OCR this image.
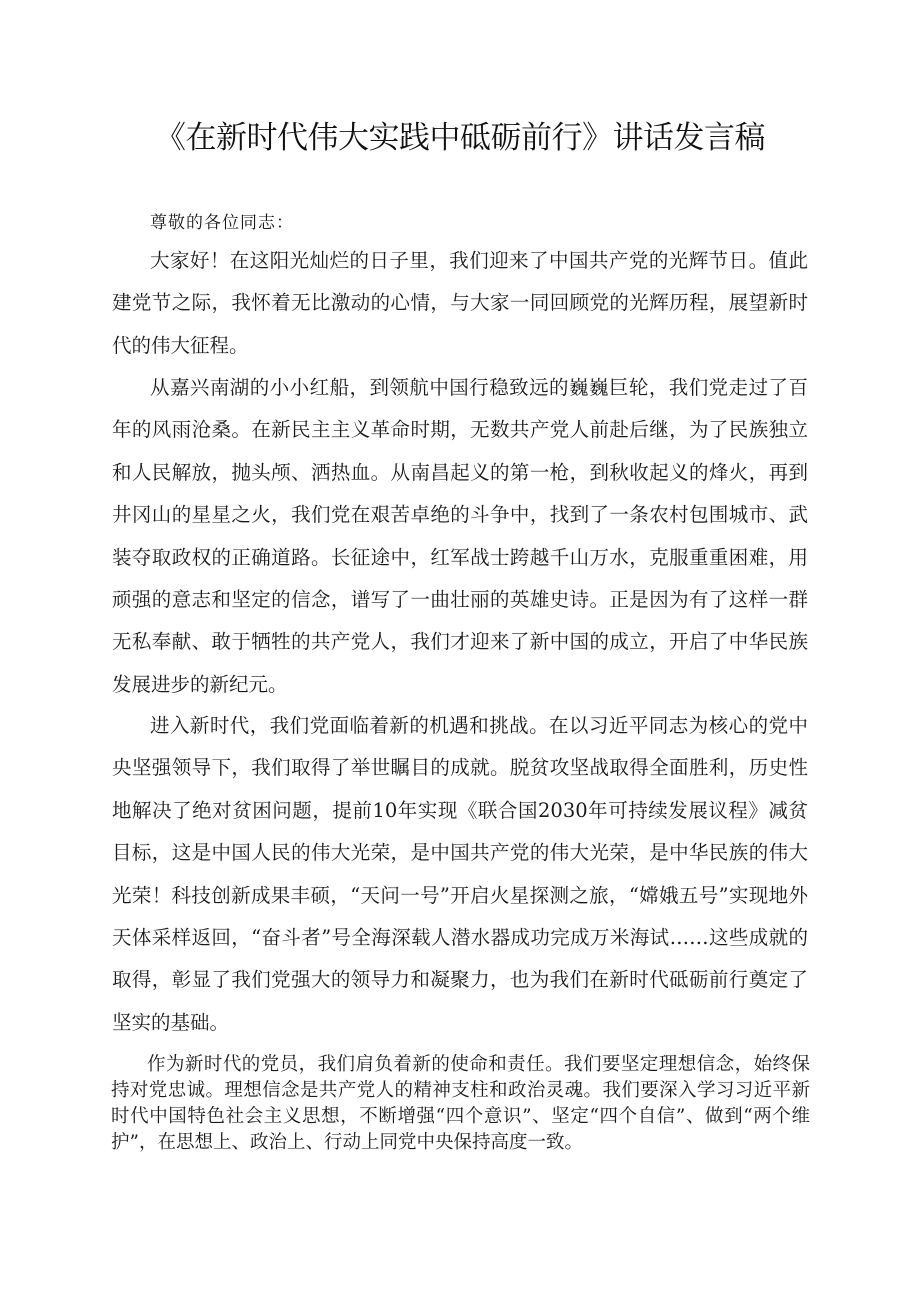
《在新时代伟大实践中砥砺前行》讲话发言稿

尊敬的各位同志：

大家好！在这阳光灿烂的日子里，我们迎来了中国共产党的光辉节日。值此建党节之际，我怀着无比激动的心情，与大家一同回顾党的光辉历程，展望新时代的伟大征程。

从嘉兴南湖的小小红船，到领航中国行稳致远的巍巍巨轮，我们党走过了百年的风雨沧桑。在新民主主义革命时期，无数共产党人前赴后继，为了民族独立和人民解放，抛头颅、洒热血。从南昌起义的第一枪，到秋收起义的烽火，再到井冈山的星星之火，我们党在艰苦卓绝的斗争中，找到了一条农村包围城市、武装夺取政权的正确道路。长征途中，红军战士跨越千山万水，克服重重困难，用顽强的意志和坚定的信念，谱写了一曲壮丽的英雄史诗。正是因为有了这样一群无私奉献、敢于牺牲的共产党人，我们才迎来了新中国的成立，开启了中华民族发展进步的新纪元。

进入新时代，我们党面临着新的机遇和挑战。在以习近平同志为核心的党中央坚强领导下，我们取得了举世瞩目的成就。脱贫攻坚战取得全面胜利，历史性地解决了绝对贫困问题，提前10年实现《联合国2030年可持续发展议程》减贫目标，这是中国人民的伟大光荣，是中国共产党的伟大光荣，是中华民族的伟大光荣！科技创新成果丰硕，“天问一号”开启火星探测之旅，“嫦娥五号”实现地外天体采样返回，“奋斗者”号全海深载人潜水器成功完成万米海试……这些成就的取得，彰显了我们党强大的领导力和凝聚力，也为我们在新时代砥砺前行奠定了坚实的基础。

作为新时代的党员，我们肩负着新的使命和责任。我们要坚定理想信念，始终保持对党忠诚。理想信念是共产党人的精神支柱和政治灵魂。我们要深入学习习近平新时代中国特色社会主义思想，不断增强“四个意识”、坚定“四个自信”、做到“两个维护”，在思想上、政治上、行动上同党中央保持高度一致。
